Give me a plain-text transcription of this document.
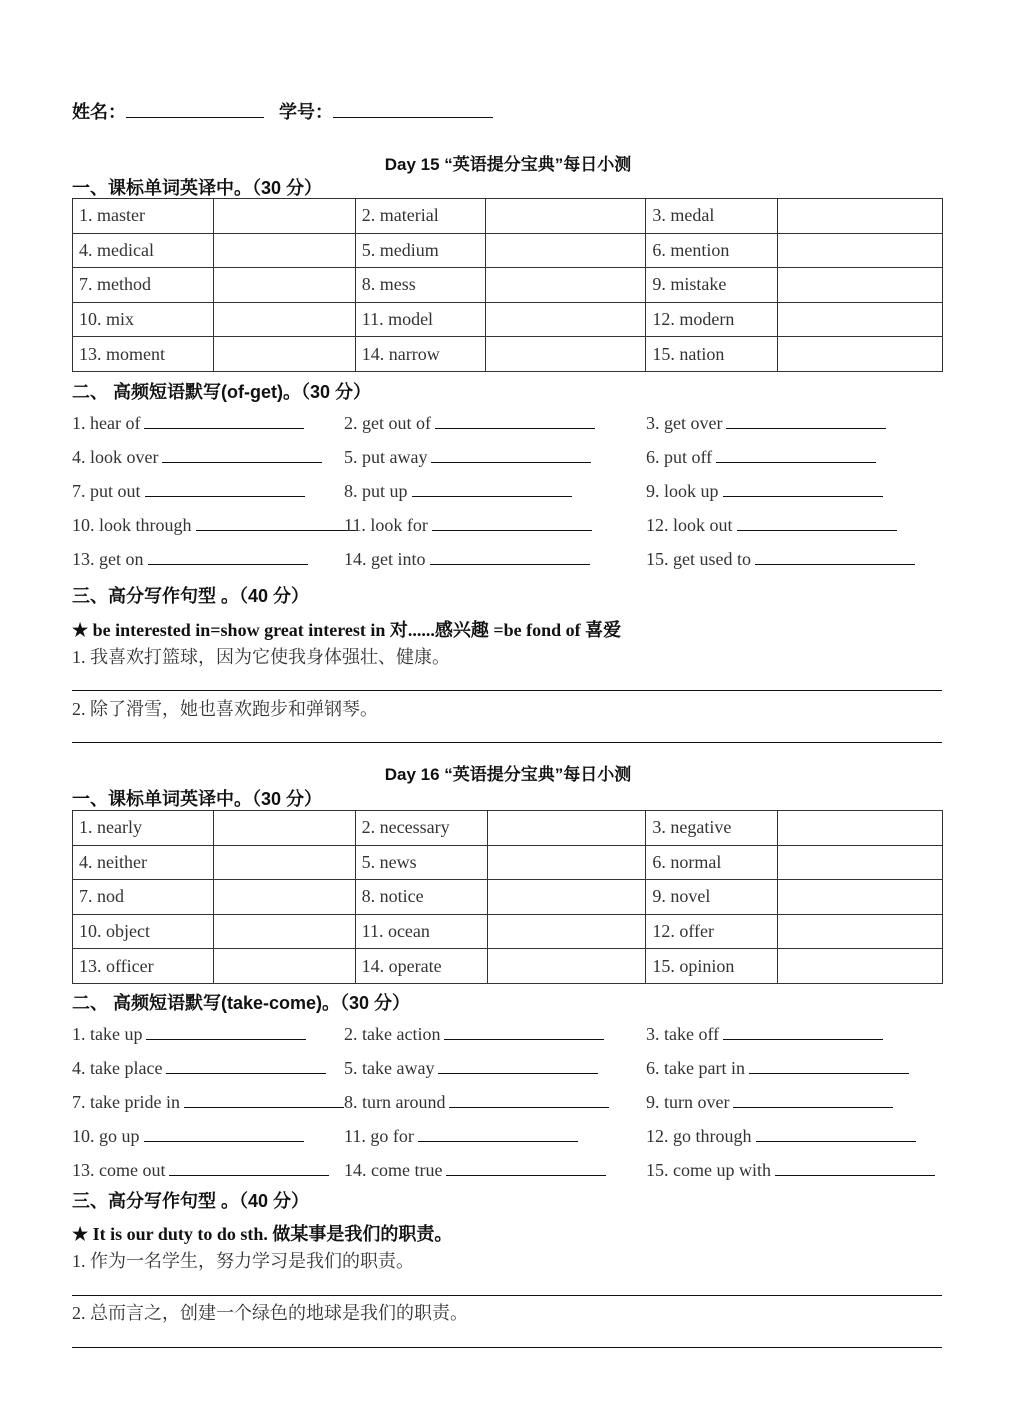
姓名：	学号：
Day 15 “英语提分宝典”每日小测
一、课标单词英译中。（30 分）
1. master		2. material		3. medal	
4. medical		5. medium		6. mention	
7. method		8. mess		9. mistake	
10. mix		11. model		12. modern	
13. moment		14. narrow		15. nation	
二、 高频短语默写(of-get)。（30 分）
1. hear of	2. get out of	3. get over
4. look over	5. put away	6. put off
7. put out	8. put up	9. look up
10. look through	11. look for	12. look out
13. get on	14. get into	15. get used to
三、高分写作句型 。（40 分）
★ be interested in=show great interest in 对......感兴趣 =be fond of 喜爱
1. 我喜欢打篮球，因为它使我身体强壮、健康。
2. 除了滑雪，她也喜欢跑步和弹钢琴。
Day 16 “英语提分宝典”每日小测
一、课标单词英译中。（30 分）
1. nearly		2. necessary		3. negative	
4. neither		5. news		6. normal	
7. nod		8. notice		9. novel	
10. object		11. ocean		12. offer	
13. officer		14. operate		15. opinion	
二、 高频短语默写(take-come)。（30 分）
1. take up	2. take action	3. take off
4. take place	5. take away	6. take part in
7. take pride in	8. turn around	9. turn over
10. go up	11. go for	12. go through
13. come out	14. come true	15. come up with
三、高分写作句型 。（40 分）
★ It is our duty to do sth. 做某事是我们的职责。
1. 作为一名学生，努力学习是我们的职责。
2. 总而言之，创建一个绿色的地球是我们的职责。
